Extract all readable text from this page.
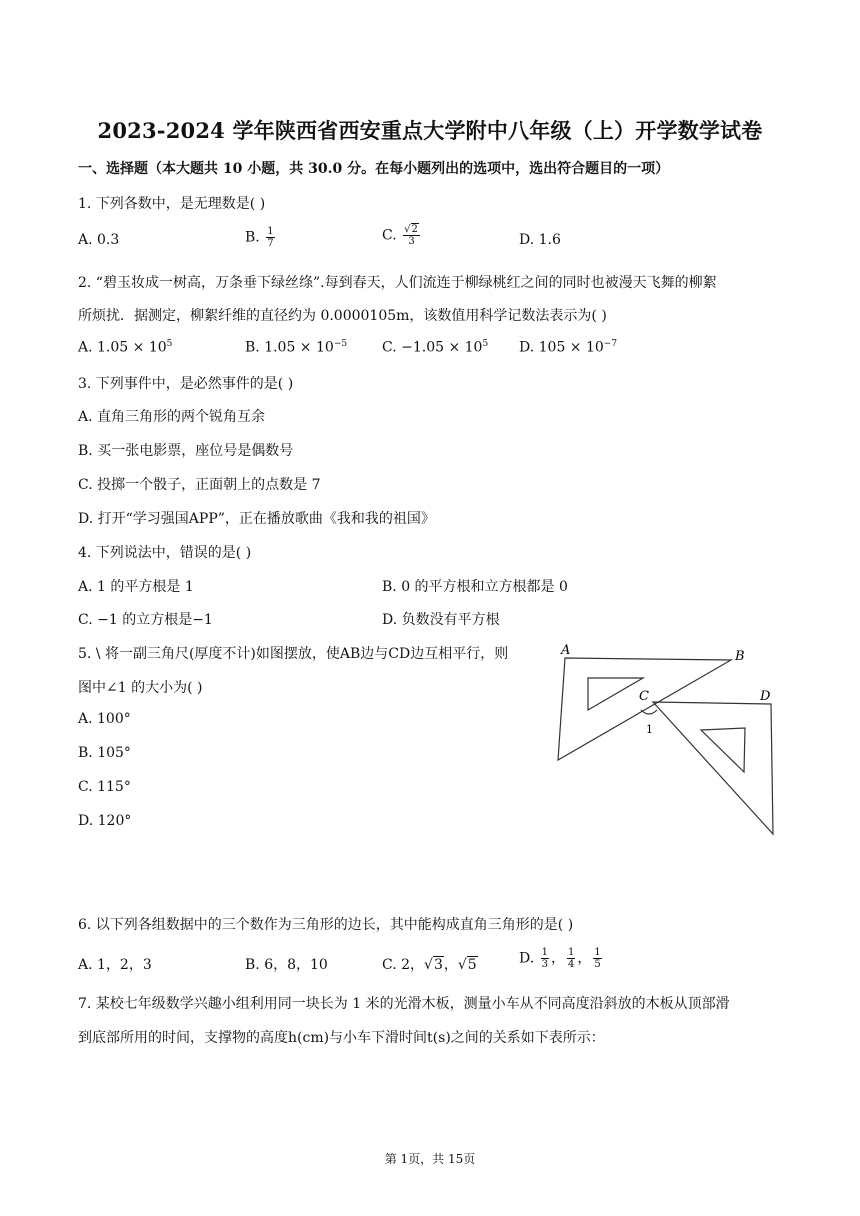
2023-2024 学年陕西省西安重点大学附中八年级（上）开学数学试卷
一、选择题（本大题共 10 小题，共 30.0 分。在每小题列出的选项中，选出符合题目的一项）
1. 下列各数中，是无理数是( )
A. 0.3	B. $\frac{1}{7}$	C. $\frac{√2}{3}$	D. 1.6
2. “碧玉妆成一树高，万条垂下绿丝绦”.每到春天，人们流连于柳绿桃红之间的同时也被漫天飞舞的柳絮
所烦扰．据测定，柳絮纤维的直径约为 0.0000105m，该数值用科学记数法表示为( )
A. $1.05 \times 10^5$	B. $1.05 \times 10^{-5}$ C. $-1.05 \times 10^5$ D. $105 \times 10^{-7}$
3. 下列事件中，是必然事件的是( )
A. 直角三角形的两个锐角互余
B. 买一张电影票，座位号是偶数号
C. 投掷一个骰子，正面朝上的点数是 7
D. 打开“学习强国APP”，正在播放歌曲《我和我的祖国》
4. 下列说法中，错误的是( )
A. 1 的平方根是 1	B. 0 的平方根和立方根都是 0
C. −1 的立方根是−1	D. 负数没有平方根
5. \ 将一副三角尺(厚度不计)如图摆放，使AB边与CD边互相平行，则
图中∠1 的大小为( )
A. 100°
B. 105°
C. 115°
D. 120°
A	B
C	D
1
6. 以下列各组数据中的三个数作为三角形的边长，其中能构成直角三角形的是( )
A. 1，2，3	B. 6，8，10	C. 2，√3，√5	D. $\frac{1}{3}$ ， $\frac{1}{4}$ ， $\frac{1}{5}$
7. 某校七年级数学兴趣小组利用同一块长为 1 米的光滑木板，测量小车从不同高度沿斜放的木板从顶部滑
到底部所用的时间，支撑物的高度h(cm)与小车下滑时间t(s)之间的关系如下表所示：
第 1页，共 15页
